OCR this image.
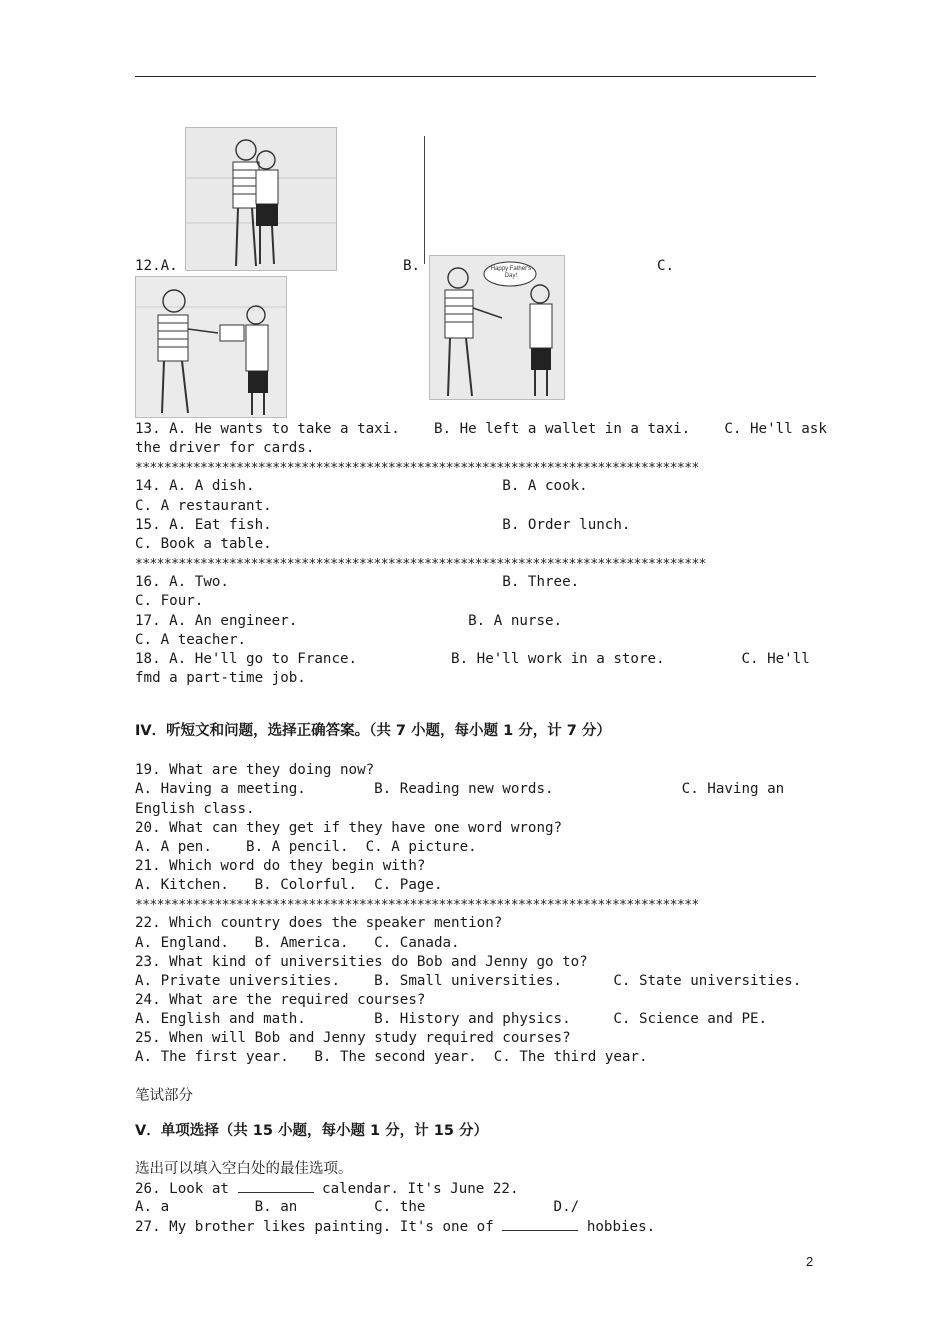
12.A.	B.	C.
Happy Father's Day!
13. A. He wants to take a taxi.    B. He left a wallet in a taxi.    C. He'll ask
the driver for cards.
******************************************************************************
14. A. A dish.                             B. A cook.
C. A restaurant.
15. A. Eat fish.                           B. Order lunch.
C. Book a table.
*******************************************************************************
16. A. Two.                                B. Three.
C. Four.
17. A. An engineer.                    B. A nurse.
C. A teacher.
18. A. He'll go to France.           B. He'll work in a store.         C. He'll
fmd a part-time job.
IV．听短文和问题，选择正确答案。（共 7 小题，每小题 1 分，计 7 分）
19. What are they doing now?
A. Having a meeting.        B. Reading new words.               C. Having an
English class.
20. What can they get if they have one word wrong?
A. A pen.    B. A pencil.  C. A picture.
21. Which word do they begin with?
A. Kitchen.   B. Colorful.  C. Page.
******************************************************************************
22. Which country does the speaker mention?
A. England.   B. America.   C. Canada.
23. What kind of universities do Bob and Jenny go to?
A. Private universities.    B. Small universities.      C. State universities.
24. What are the required courses?
A. English and math.        B. History and physics.     C. Science and PE.
25. When will Bob and Jenny study required courses?
A. The first year.   B. The second year.  C. The third year.
笔试部分
V．单项选择（共 15 小题，每小题 1 分，计 15 分）
选出可以填入空白处的最佳选项。
26. Look at	calendar. It's June 22.
A. a          B. an         C. the               D./
27. My brother likes painting. It's one of	hobbies.
2
